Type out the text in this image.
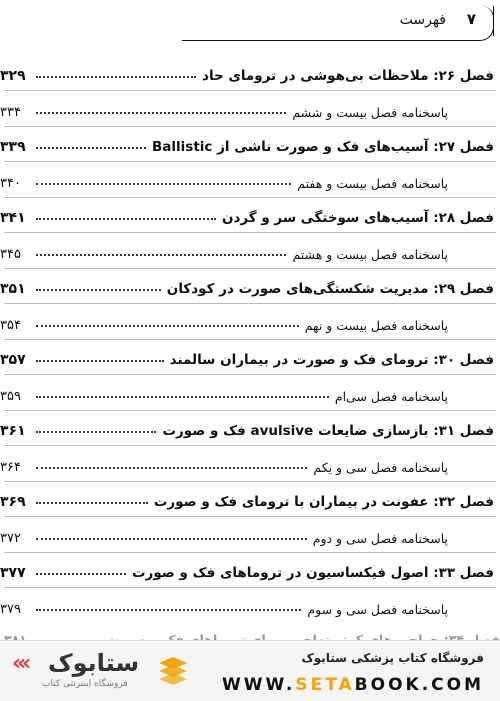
فهرست ۷
فصل ۲۶: ملاحظات بی‌هوشی در ترومای حاد
۳۲۹
پاسخنامه فصل بیست و ششم
۳۳۴
فصل ۲۷: آسیب‌های فک و صورت ناشی از Ballistic
۳۳۹
پاسخنامه فصل بیست و هفتم
۳۴۰
فصل ۲۸: آسیب‌های سوختگی سر و گردن
۳۴۱
پاسخنامه فصل بیست و هشتم
۳۴۵
فصل ۲۹: مدیریت شکستگی‌های صورت در کودکان
۳۵۱
پاسخنامه فصل بیست و نهم
۳۵۴
فصل ۳۰: ترومای فک و صورت در بیماران سالمند
۳۵۷
پاسخنامه فصل سی‌ام
۳۵۹
فصل ۳۱: بازسازی ضایعات avulsive فک و صورت
۳۶۱
پاسخنامه فصل سی و یکم
۳۶۴
فصل ۳۲: عفونت در بیماران با ترومای فک و صورت
۳۶۹
پاسخنامه فصل سی و دوم
۳۷۲
فصل ۳۳: اصول فیکساسیون در تروماهای فک و صورت
۳۷۷
پاسخنامه فصل سی و سوم
۳۷۹
‹‹‹ ستابوک
فروشگاه اینترنتی کتاب
فروشگاه کتاب پزشکی ستابوک
WWW.SETABOOK.COM
